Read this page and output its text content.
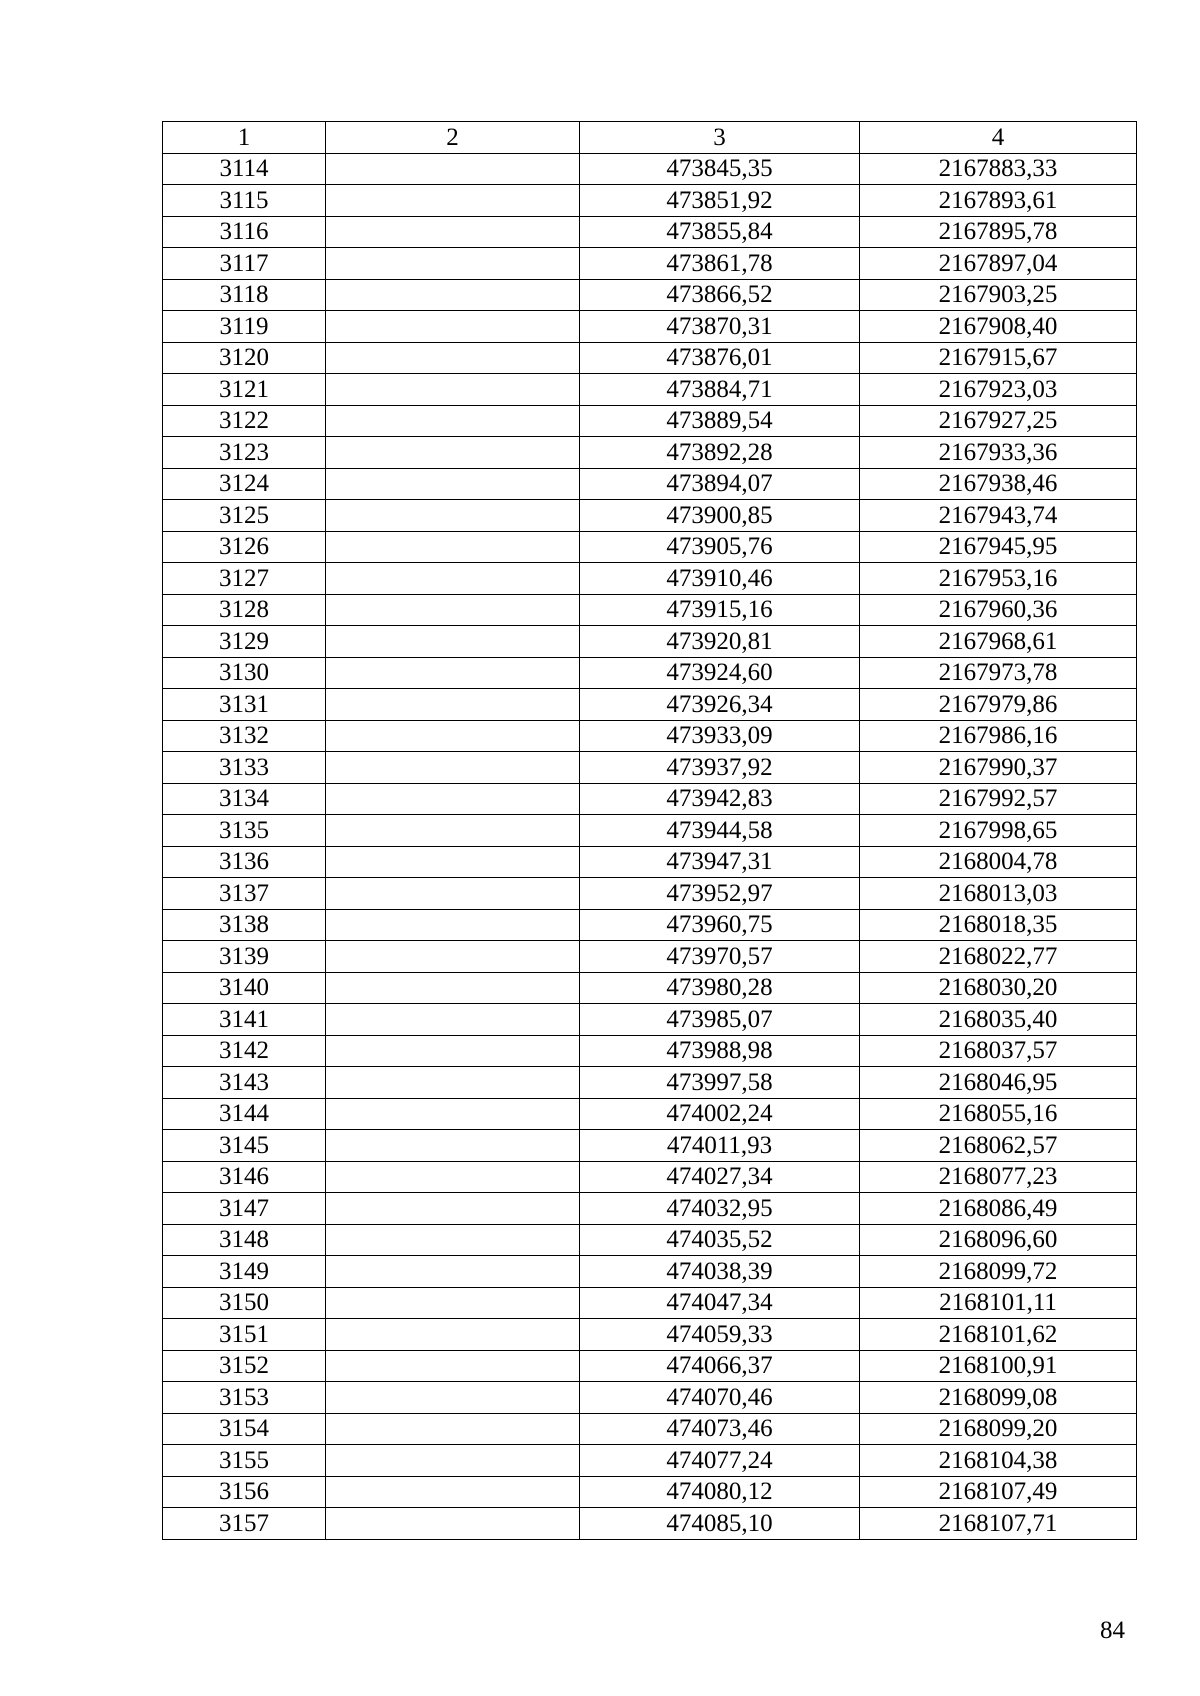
1	2	3	4
3114		473845,35	2167883,33
3115		473851,92	2167893,61
3116		473855,84	2167895,78
3117		473861,78	2167897,04
3118		473866,52	2167903,25
3119		473870,31	2167908,40
3120		473876,01	2167915,67
3121		473884,71	2167923,03
3122		473889,54	2167927,25
3123		473892,28	2167933,36
3124		473894,07	2167938,46
3125		473900,85	2167943,74
3126		473905,76	2167945,95
3127		473910,46	2167953,16
3128		473915,16	2167960,36
3129		473920,81	2167968,61
3130		473924,60	2167973,78
3131		473926,34	2167979,86
3132		473933,09	2167986,16
3133		473937,92	2167990,37
3134		473942,83	2167992,57
3135		473944,58	2167998,65
3136		473947,31	2168004,78
3137		473952,97	2168013,03
3138		473960,75	2168018,35
3139		473970,57	2168022,77
3140		473980,28	2168030,20
3141		473985,07	2168035,40
3142		473988,98	2168037,57
3143		473997,58	2168046,95
3144		474002,24	2168055,16
3145		474011,93	2168062,57
3146		474027,34	2168077,23
3147		474032,95	2168086,49
3148		474035,52	2168096,60
3149		474038,39	2168099,72
3150		474047,34	2168101,11
3151		474059,33	2168101,62
3152		474066,37	2168100,91
3153		474070,46	2168099,08
3154		474073,46	2168099,20
3155		474077,24	2168104,38
3156		474080,12	2168107,49
3157		474085,10	2168107,71
84
